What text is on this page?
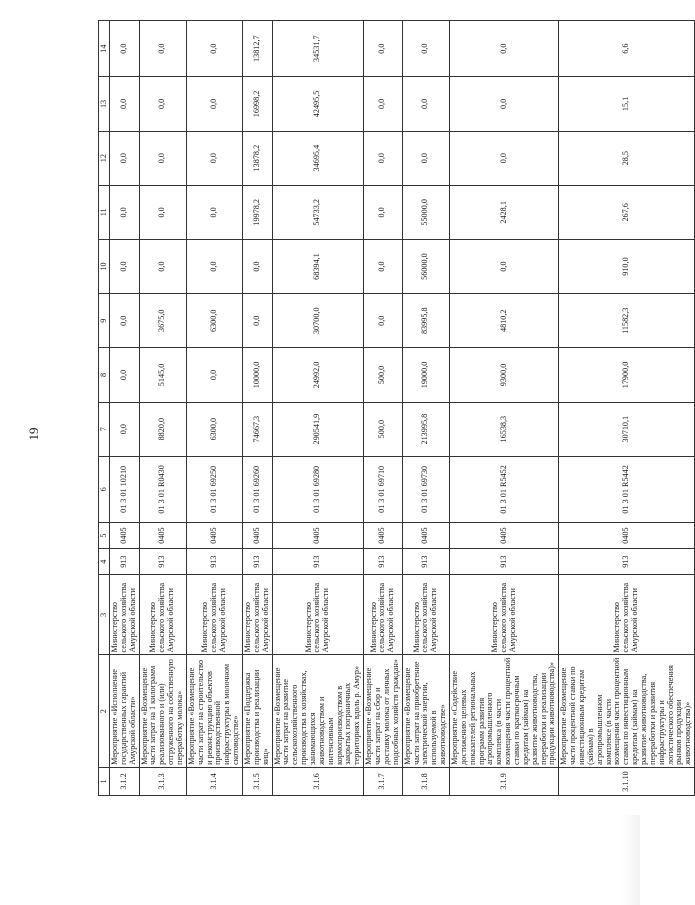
19
1	2	3	4	5	6	7	8	9	10	11	12	13	14
3.1.2	Мероприятие «Исполнение государственных гарантий Амурской области»	Министерство сельского хозяйства Амурской области	913	0405	01 3 01 10210	0,0	0,0	0,0	0,0	0,0	0,0	0,0	0,0
3.1.3	Мероприятие «Возмещение части затрат на 1 килограмм реализованного и (или) отгруженного на собственную переработку молока»	Министерство сельского хозяйства Амурской области	913	0405	01 3 01 R0430	8820,0	5145,0	3675,0	0,0	0,0	0,0	0,0	0,0
3.1.4	Мероприятие «Возмещение части затрат на строительство и реконструкцию объектов производственной инфраструктуры в молочном скотоводстве»	Министерство сельского хозяйства Амурской области	913	0405	01 3 01 69250	6300,0	0,0	6300,0	0,0	0,0	0,0	0,0	0,0
3.1.5	Мероприятие «Поддержка производства и реализации яиц»	Министерство сельского хозяйства Амурской области	913	0405	01 3 01 69260	74667,3	10000,0	0,0	0,0	19978,2	13878,2	16998,2	13812,7
3.1.6	Мероприятие «Возмещение части затрат на развитие сельскохозяйственного производства в хозяйствах, занимающихся животноводством и интенсивным кормопроизводством в закрытых пограничных территориях вдоль р. Амур»	Министерство сельского хозяйства Амурской области	913	0405	01 3 01 69280	290541,9	24992,0	30700,0	68394,1	54733,2	34695,4	42495,5	34531,7
3.1.7	Мероприятие «Возмещение части затрат на сбор и доставку молока от личных подсобных хозяйств граждан»	Министерство сельского хозяйства Амурской области	913	0405	01 3 01 69710	500,0	500,0	0,0	0,0	0,0	0,0	0,0	0,0
3.1.8	Мероприятие «Возмещение части затрат на приобретение электрической энергии, используемой в животноводстве»	Министерство сельского хозяйства Амурской области	913	0405	01 3 01 69730	213995,8	19000,0	83995,8	56000,0	55000,0	0,0	0,0	0,0
3.1.9	Мероприятие «Содействие достижению целевых показателей региональных программ развития агропромышленного комплекса (в части возмещения части процентной ставки по краткосрочным кредитам (займам) на развитие животноводства, переработки и реализации продукции животноводства)»	Министерство сельского хозяйства Амурской области	913	0405	01 3 01 R5452	16538,3	9300,0	4810,2	0,0	2428,1	0,0	0,0	0,0
3.1.10	Мероприятие «Возмещение части процентной ставки по инвестиционным кредитам (займам) в агропромышленном комплексе (в части возмещения части процентной ставки по инвестиционным кредитам (займам) на развитие животноводства, переработки и развития инфраструктуры и логистического обеспечения рынков продукции животноводства)»	Министерство сельского хозяйства Амурской области	913	0405	01 3 01 R5442	30710,1	17900,0	11582,3	910,0	267,6	28,5	15,1	6,6
